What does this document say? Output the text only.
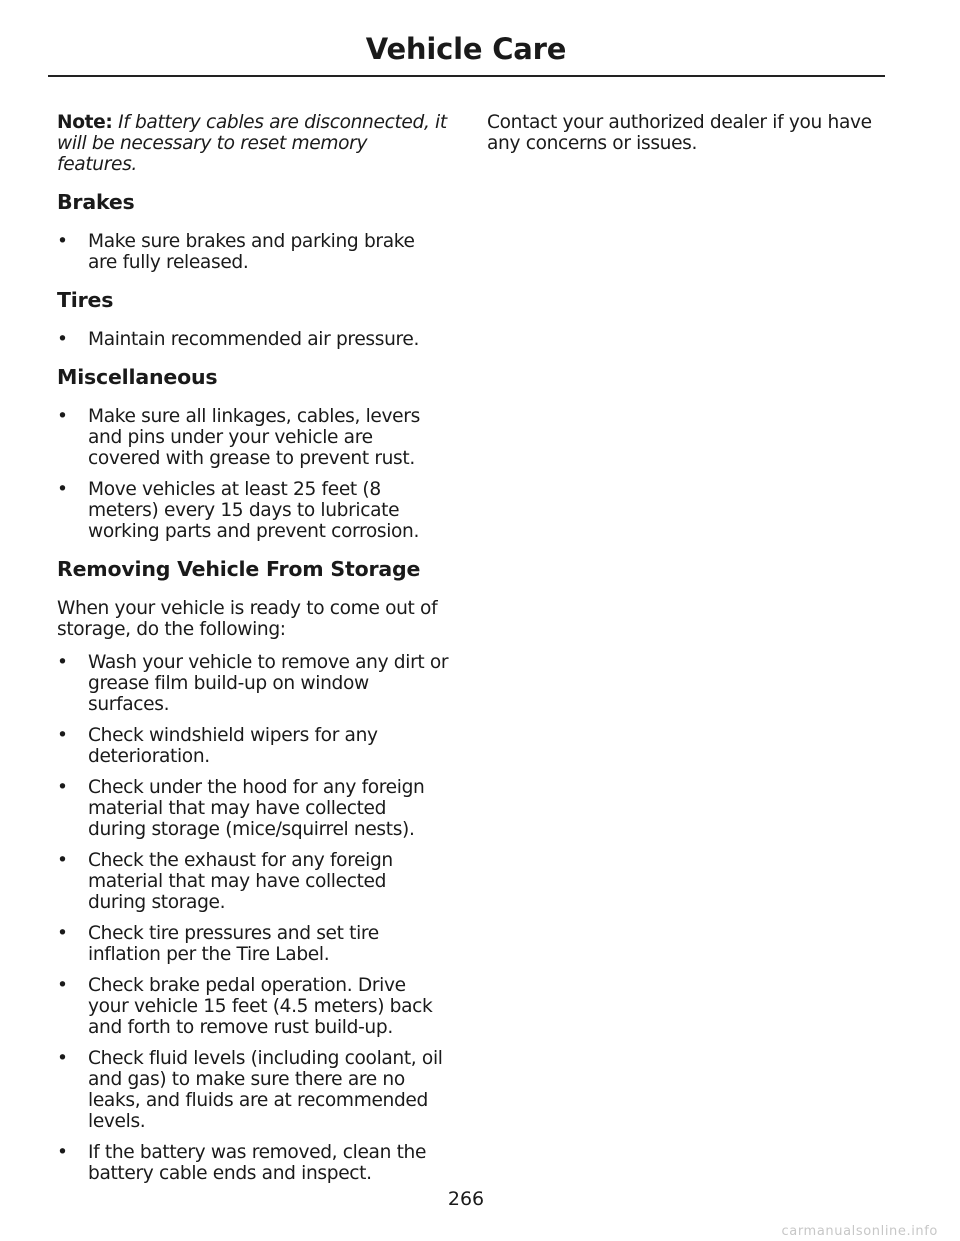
Vehicle Care

Note: If battery cables are disconnected, it will be necessary to reset memory features.

Brakes
• Make sure brakes and parking brake are fully released.
Tires
• Maintain recommended air pressure.
Miscellaneous
• Make sure all linkages, cables, levers and pins under your vehicle are covered with grease to prevent rust.
• Move vehicles at least 25 feet (8 meters) every 15 days to lubricate working parts and prevent corrosion.
Removing Vehicle From Storage

When your vehicle is ready to come out of storage, do the following:

• Wash your vehicle to remove any dirt or grease film build-up on window surfaces.
• Check windshield wipers for any deterioration.
• Check under the hood for any foreign material that may have collected during storage (mice/squirrel nests).
• Check the exhaust for any foreign material that may have collected during storage.
• Check tire pressures and set tire inflation per the Tire Label.
• Check brake pedal operation. Drive your vehicle 15 feet (4.5 meters) back and forth to remove rust build-up.
• Check fluid levels (including coolant, oil and gas) to make sure there are no leaks, and fluids are at recommended levels.
• If the battery was removed, clean the battery cable ends and inspect.

Contact your authorized dealer if you have any concerns or issues.

266
carmanualsonline.info
